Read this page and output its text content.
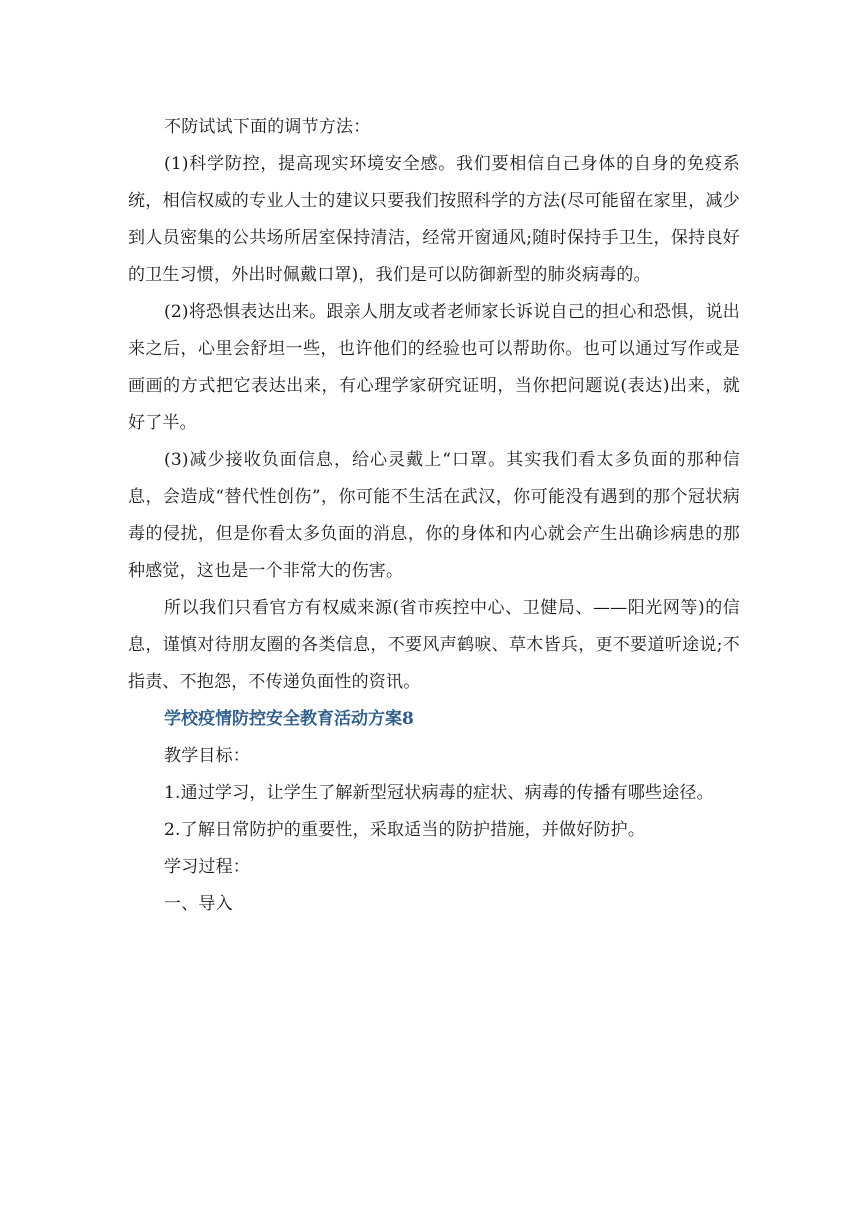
不防试试下面的调节方法：

(1)科学防控，提高现实环境安全感。我们要相信自己身体的自身的免疫系统，相信权威的专业人士的建议只要我们按照科学的方法(尽可能留在家里，减少到人员密集的公共场所居室保持清洁，经常开窗通风;随时保持手卫生，保持良好的卫生习惯，外出时佩戴口罩)，我们是可以防御新型的肺炎病毒的。

(2)将恐惧表达出来。跟亲人朋友或者老师家长诉说自己的担心和恐惧，说出来之后，心里会舒坦一些，也许他们的经验也可以帮助你。也可以通过写作或是画画的方式把它表达出来，有心理学家研究证明，当你把问题说(表达)出来，就好了半。

(3)减少接收负面信息，给心灵戴上“口罩。其实我们看太多负面的那种信息，会造成“替代性创伤”，你可能不生活在武汉，你可能没有遇到的那个冠状病毒的侵扰，但是你看太多负面的消息，你的身体和内心就会产生出确诊病患的那种感觉，这也是一个非常大的伤害。

所以我们只看官方有权威来源(省市疾控中心、卫健局、——阳光网等)的信息，谨慎对待朋友圈的各类信息，不要风声鹤唳、草木皆兵，更不要道听途说;不指责、不抱怨，不传递负面性的资讯。

学校疫情防控安全教育活动方案8

教学目标：

1.通过学习，让学生了解新型冠状病毒的症状、病毒的传播有哪些途径。

2.了解日常防护的重要性，采取适当的防护措施，并做好防护。

学习过程：

一、导入
